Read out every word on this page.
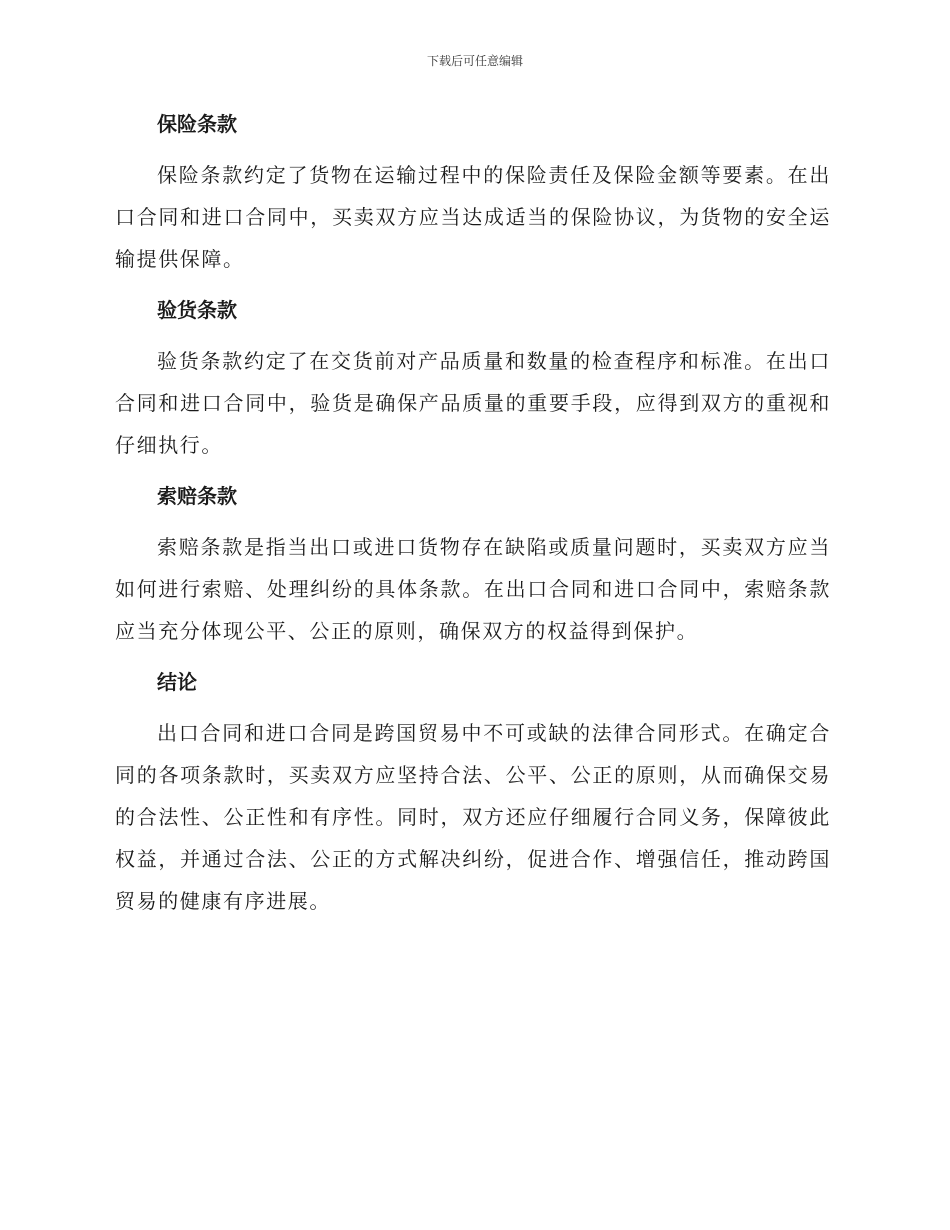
下载后可任意编辑
保险条款

保险条款约定了货物在运输过程中的保险责任及保险金额等要素。在出口合同和进口合同中，买卖双方应当达成适当的保险协议，为货物的安全运输提供保障。

验货条款

验货条款约定了在交货前对产品质量和数量的检查程序和标准。在出口合同和进口合同中，验货是确保产品质量的重要手段，应得到双方的重视和仔细执行。

索赔条款

索赔条款是指当出口或进口货物存在缺陷或质量问题时，买卖双方应当如何进行索赔、处理纠纷的具体条款。在出口合同和进口合同中，索赔条款应当充分体现公平、公正的原则，确保双方的权益得到保护。

结论

出口合同和进口合同是跨国贸易中不可或缺的法律合同形式。在确定合同的各项条款时，买卖双方应坚持合法、公平、公正的原则，从而确保交易的合法性、公正性和有序性。同时，双方还应仔细履行合同义务，保障彼此权益，并通过合法、公正的方式解决纠纷，促进合作、增强信任，推动跨国贸易的健康有序进展。
